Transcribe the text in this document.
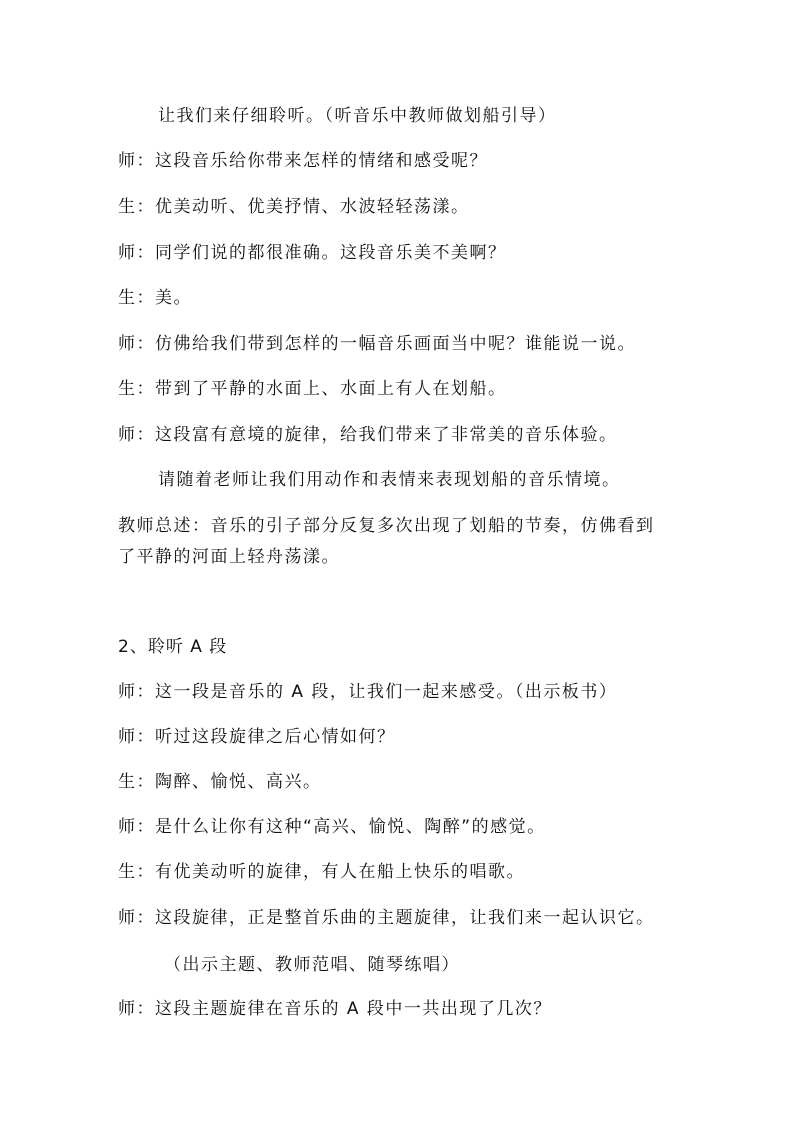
让我们来仔细聆听。（听音乐中教师做划船引导）
师：这段音乐给你带来怎样的情绪和感受呢？
生：优美动听、优美抒情、水波轻轻荡漾。
师：同学们说的都很准确。这段音乐美不美啊？
生：美。
师：仿佛给我们带到怎样的一幅音乐画面当中呢？谁能说一说。
生：带到了平静的水面上、水面上有人在划船。
师：这段富有意境的旋律，给我们带来了非常美的音乐体验。
请随着老师让我们用动作和表情来表现划船的音乐情境。
教师总述：音乐的引子部分反复多次出现了划船的节奏，仿佛看到
了平静的河面上轻舟荡漾。
2、聆听 A 段
师：这一段是音乐的 A 段，让我们一起来感受。（出示板书）
师：听过这段旋律之后心情如何？
生：陶醉、愉悦、高兴。
师：是什么让你有这种“高兴、愉悦、陶醉”的感觉。
生：有优美动听的旋律，有人在船上快乐的唱歌。
师：这段旋律，正是整首乐曲的主题旋律，让我们来一起认识它。
（出示主题、教师范唱、随琴练唱）
师：这段主题旋律在音乐的 A 段中一共出现了几次？
